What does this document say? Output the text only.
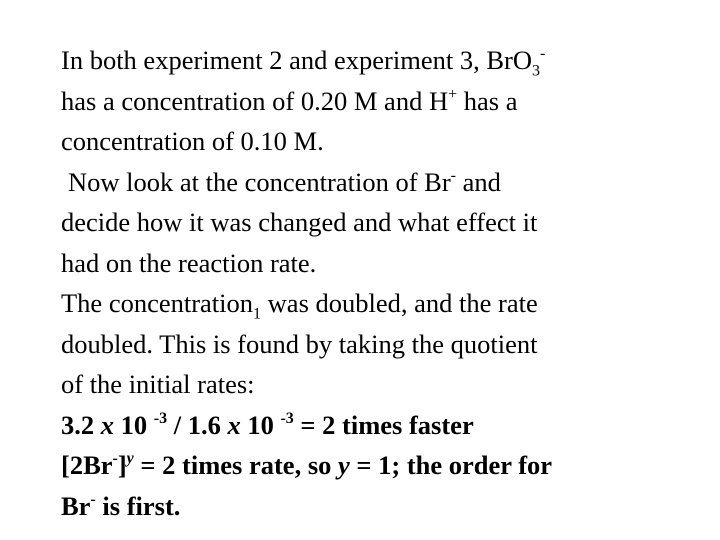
In both experiment 2 and experiment 3, BrO$_3$-

has a concentration of 0.20 M and H+ has a

concentration of 0.10 M.

Now look at the concentration of Br- and

decide how it was changed and what effect it

had on the reaction rate.

The concentration$_1$ was doubled, and the rate

doubled. This is found by taking the quotient

of the initial rates:

3.2 x 10 $^{-3}$ / 1.6 x 10 $^{-3}$ = 2 times faster

$[2Br^-]^y = 2$ times rate, so y = 1; the order for

Br- is first.
